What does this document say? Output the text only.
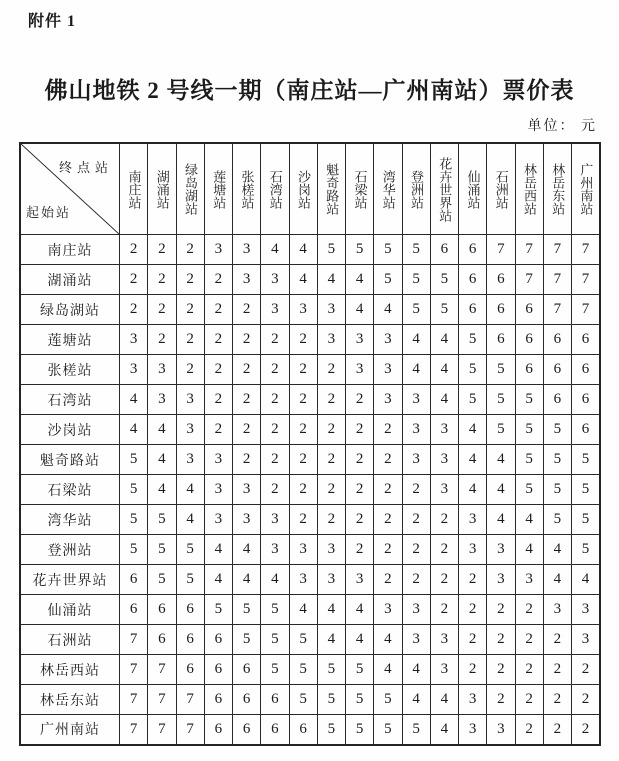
附件 1
佛山地铁 2 号线一期（南庄站—广州南站）票价表
单位： 元
终点站
起始站	南庄站	湖涌站	绿岛湖站	莲塘站	张槎站	石湾站	沙岗站	魁奇路站	石梁站	湾华站	登洲站	花卉世界站	仙涌站	石洲站	林岳西站	林岳东站	广州南站
南庄站	2	2	2	3	3	4	4	5	5	5	5	6	6	7	7	7	7
湖涌站	2	2	2	2	3	3	4	4	4	5	5	5	6	6	7	7	7
绿岛湖站	2	2	2	2	2	3	3	3	4	4	5	5	6	6	6	7	7
莲塘站	3	2	2	2	2	2	2	3	3	3	4	4	5	6	6	6	6
张槎站	3	3	2	2	2	2	2	2	3	3	4	4	5	5	6	6	6
石湾站	4	3	3	2	2	2	2	2	2	3	3	4	5	5	5	6	6
沙岗站	4	4	3	2	2	2	2	2	2	2	3	3	4	5	5	5	6
魁奇路站	5	4	3	3	2	2	2	2	2	2	3	3	4	4	5	5	5
石梁站	5	4	4	3	3	2	2	2	2	2	2	3	4	4	5	5	5
湾华站	5	5	4	3	3	3	2	2	2	2	2	2	3	4	4	5	5
登洲站	5	5	5	4	4	3	3	3	2	2	2	2	3	3	4	4	5
花卉世界站	6	5	5	4	4	4	3	3	3	2	2	2	2	3	3	4	4
仙涌站	6	6	6	5	5	5	4	4	4	3	3	2	2	2	2	3	3
石洲站	7	6	6	6	5	5	5	4	4	4	3	3	2	2	2	2	3
林岳西站	7	7	6	6	6	5	5	5	5	4	4	3	2	2	2	2	2
林岳东站	7	7	7	6	6	6	5	5	5	5	4	4	3	2	2	2	2
广州南站	7	7	7	6	6	6	6	5	5	5	5	4	3	3	2	2	2
